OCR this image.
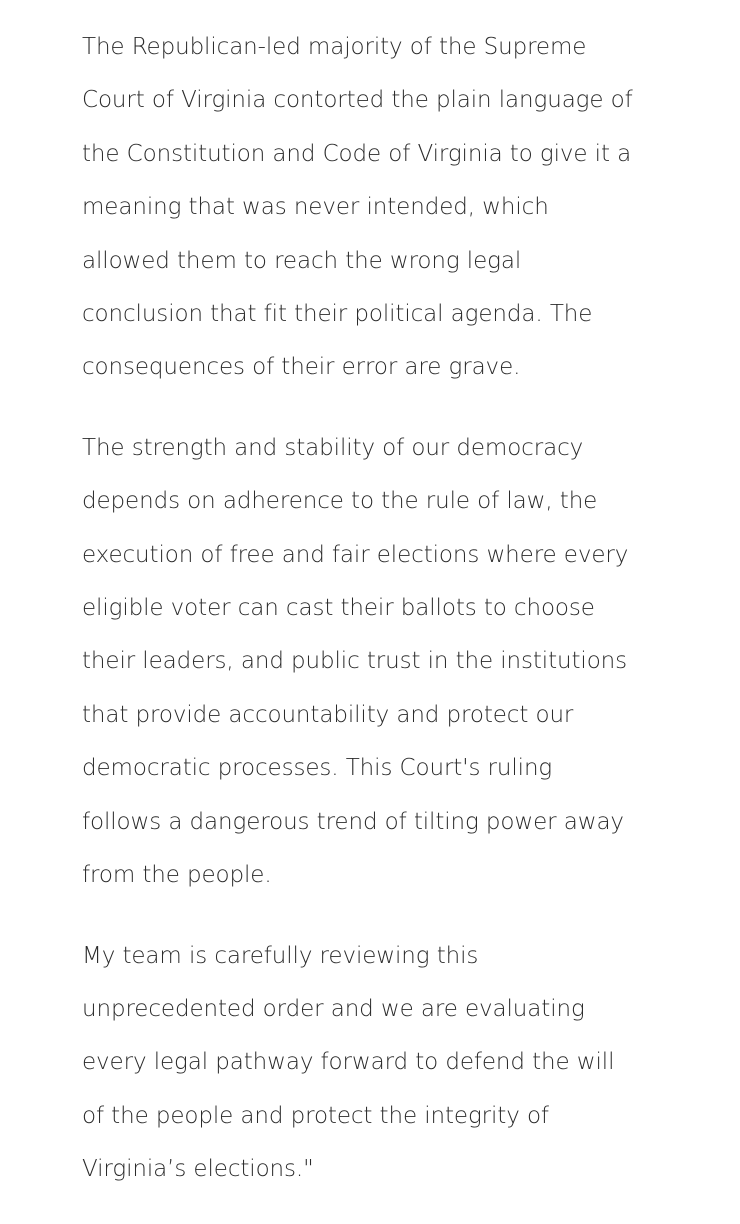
The Republican-led majority of the Supreme
Court of Virginia contorted the plain language of
the Constitution and Code of Virginia to give it a
meaning that was never intended, which
allowed them to reach the wrong legal
conclusion that fit their political agenda. The
consequences of their error are grave.

The strength and stability of our democracy
depends on adherence to the rule of law, the
execution of free and fair elections where every
eligible voter can cast their ballots to choose
their leaders, and public trust in the institutions
that provide accountability and protect our
democratic processes. This Court's ruling
follows a dangerous trend of tilting power away
from the people.

My team is carefully reviewing this
unprecedented order and we are evaluating
every legal pathway forward to defend the will
of the people and protect the integrity of
Virginia’s elections."
